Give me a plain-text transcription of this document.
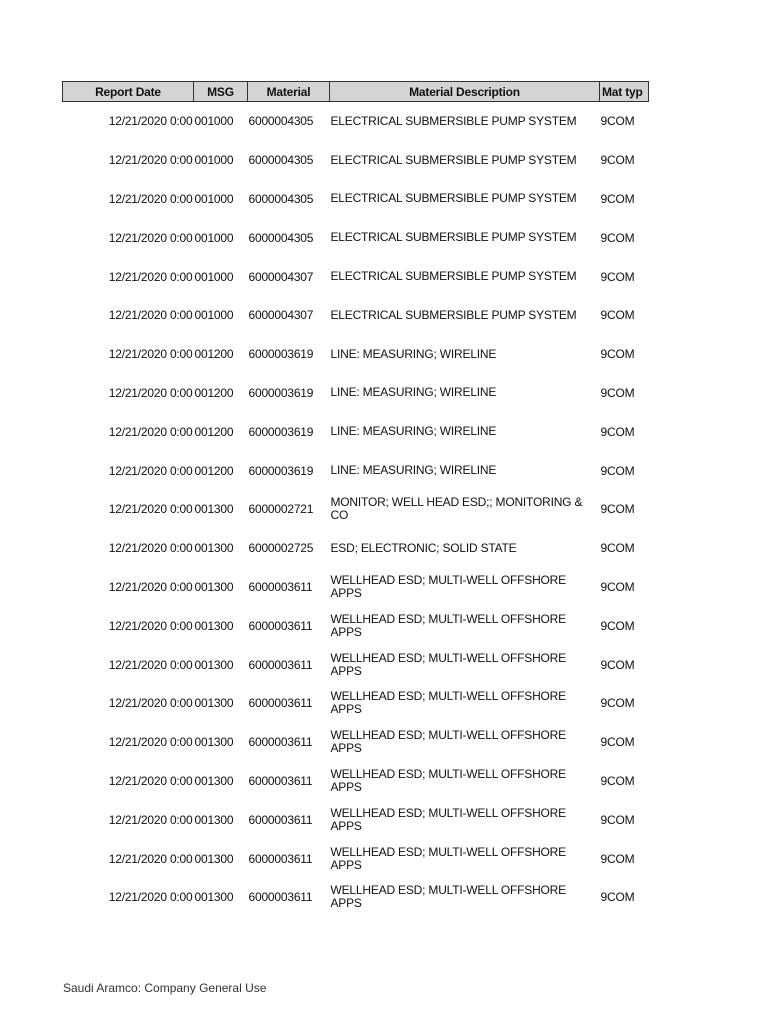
.
Report Date	MSG	Material	Material Description	Mat typ
12/21/2020 0:00	001000	6000004305	ELECTRICAL SUBMERSIBLE PUMP SYSTEM	9COM
12/21/2020 0:00	001000	6000004305	ELECTRICAL SUBMERSIBLE PUMP SYSTEM	9COM
12/21/2020 0:00	001000	6000004305	ELECTRICAL SUBMERSIBLE PUMP SYSTEM	9COM
12/21/2020 0:00	001000	6000004305	ELECTRICAL SUBMERSIBLE PUMP SYSTEM	9COM
12/21/2020 0:00	001000	6000004307	ELECTRICAL SUBMERSIBLE PUMP SYSTEM	9COM
12/21/2020 0:00	001000	6000004307	ELECTRICAL SUBMERSIBLE PUMP SYSTEM	9COM
12/21/2020 0:00	001200	6000003619	LINE: MEASURING; WIRELINE	9COM
12/21/2020 0:00	001200	6000003619	LINE: MEASURING; WIRELINE	9COM
12/21/2020 0:00	001200	6000003619	LINE: MEASURING; WIRELINE	9COM
12/21/2020 0:00	001200	6000003619	LINE: MEASURING; WIRELINE	9COM
12/21/2020 0:00	001300	6000002721	MONITOR; WELL HEAD ESD;; MONITORING & CO	9COM
12/21/2020 0:00	001300	6000002725	ESD; ELECTRONIC; SOLID STATE	9COM
12/21/2020 0:00	001300	6000003611	WELLHEAD ESD; MULTI-WELL OFFSHORE APPS	9COM
12/21/2020 0:00	001300	6000003611	WELLHEAD ESD; MULTI-WELL OFFSHORE APPS	9COM
12/21/2020 0:00	001300	6000003611	WELLHEAD ESD; MULTI-WELL OFFSHORE APPS	9COM
12/21/2020 0:00	001300	6000003611	WELLHEAD ESD; MULTI-WELL OFFSHORE APPS	9COM
12/21/2020 0:00	001300	6000003611	WELLHEAD ESD; MULTI-WELL OFFSHORE APPS	9COM
12/21/2020 0:00	001300	6000003611	WELLHEAD ESD; MULTI-WELL OFFSHORE APPS	9COM
12/21/2020 0:00	001300	6000003611	WELLHEAD ESD; MULTI-WELL OFFSHORE APPS	9COM
12/21/2020 0:00	001300	6000003611	WELLHEAD ESD; MULTI-WELL OFFSHORE APPS	9COM
12/21/2020 0:00	001300	6000003611	WELLHEAD ESD; MULTI-WELL OFFSHORE APPS	9COM
Saudi Aramco: Company General Use
